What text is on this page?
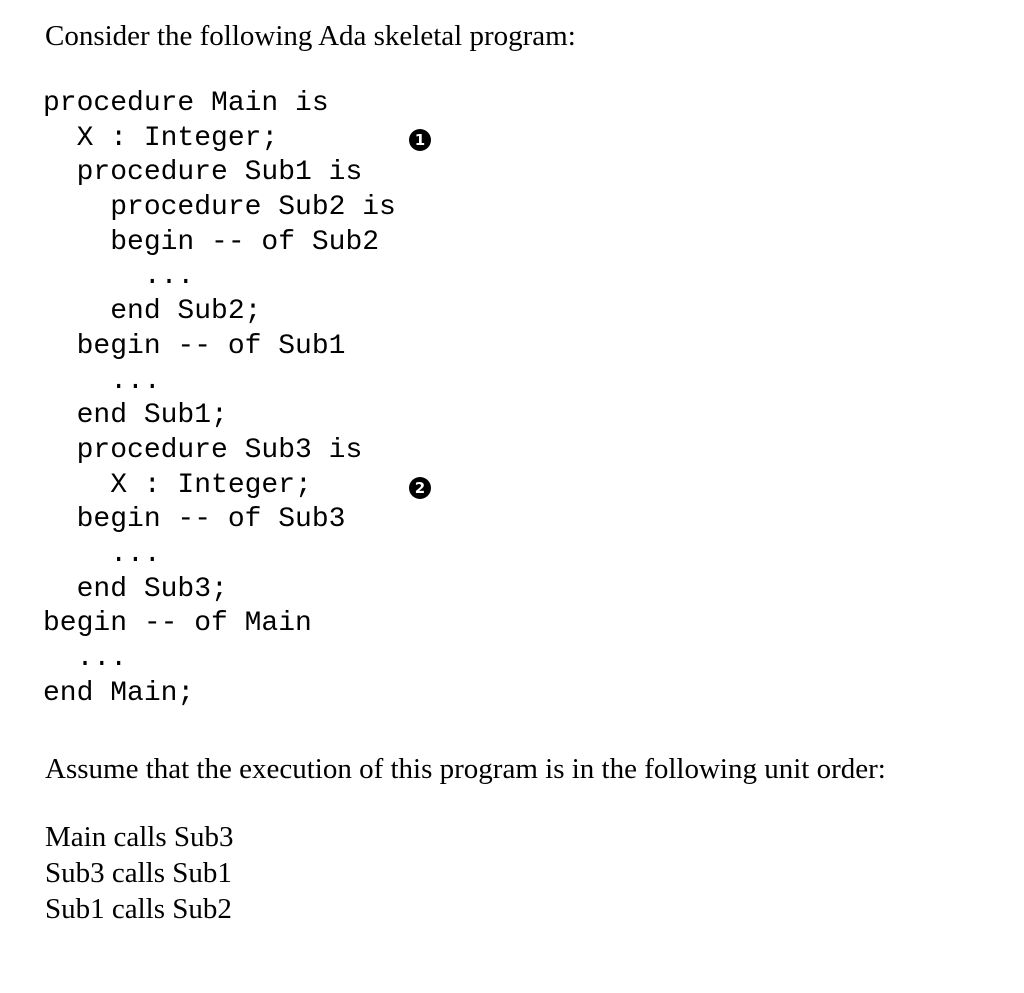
Consider the following Ada skeletal program:
procedure Main is
X : Integer;
procedure Sub1 is
procedure Sub2 is
begin -- of Sub2
...
end Sub2;
begin -- of Sub1
...
end Sub1;
procedure Sub3 is
X : Integer;
begin -- of Sub3
...
end Sub3;
begin -- of Main
...
end Main;
1
2
Assume that the execution of this program is in the following unit order:
Main calls Sub3
Sub3 calls Sub1
Sub1 calls Sub2
